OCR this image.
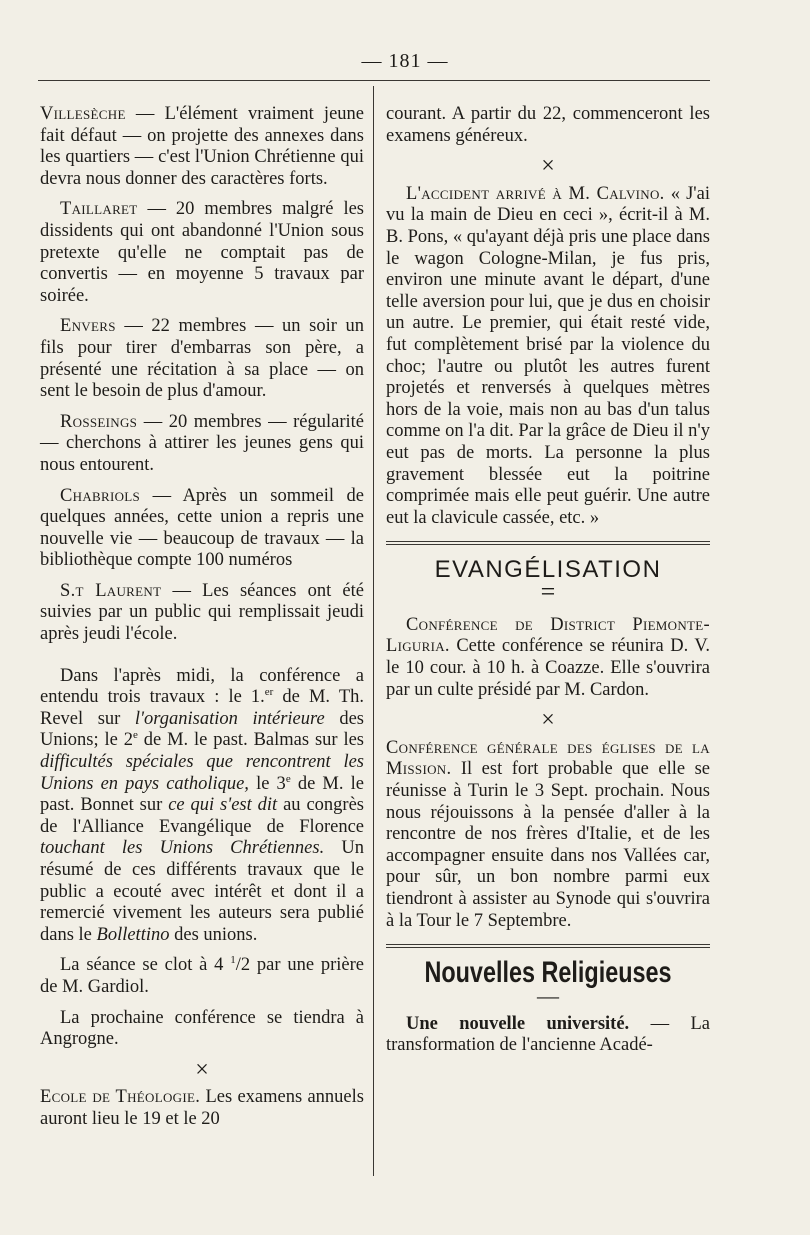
— 181 —

Villesèche — L'élément vraiment jeune fait défaut — on projette des annexes dans les quartiers — c'est l'Union Chrétienne qui devra nous donner des caractères forts.

Taillaret — 20 membres malgré les dissidents qui ont abandonné l'Union sous pretexte qu'elle ne comptait pas de convertis — en moyenne 5 travaux par soirée.

Envers — 22 membres — un soir un fils pour tirer d'embarras son père, a présenté une récitation à sa place — on sent le besoin de plus d'amour.

Rosseings — 20 membres — régularité — cherchons à attirer les jeunes gens qui nous entourent.

Chabriols — Après un sommeil de quelques années, cette union a repris une nouvelle vie — beaucoup de travaux — la bibliothèque compte 100 numéros

S.t Laurent — Les séances ont été suivies par un public qui remplissait jeudi après jeudi l'école.

Dans l'après midi, la conférence a entendu trois travaux : le 1.$^{er}$ de M. Th. Revel sur l'organisation intérieure des Unions; le 2e de M. le past. Balmas sur les difficultés spéciales que rencontrent les Unions en pays catholique, le 3e de M. le past. Bonnet sur ce qui s'est dit au congrès de l'Alliance Evangélique de Florence touchant les Unions Chrétiennes. Un résumé de ces différents travaux que le public a ecouté avec intérêt et dont il a remercié vivement les auteurs sera publié dans le Bollettino des unions.

La séance se clot à 4 $^1$/2 par une prière de M. Gardiol.

La prochaine conférence se tiendra à Angrogne.

×

Ecole de Théologie. Les examens annuels auront lieu le 19 et le 20

courant. A partir du 22, commenceront les examens généreux.

×

L'accident arrivé à M. Calvino. « J'ai vu la main de Dieu en ceci », écrit-il à M. B. Pons, « qu'ayant déjà pris une place dans le wagon Cologne-Milan, je fus pris, environ une minute avant le départ, d'une telle aversion pour lui, que je dus en choisir un autre. Le premier, qui était resté vide, fut complètement brisé par la violence du choc; l'autre ou plutôt les autres furent projetés et renversés à quelques mètres hors de la voie, mais non au bas d'un talus comme on l'a dit. Par la grâce de Dieu il n'y eut pas de morts. La personne la plus gravement blessée eut la poitrine comprimée mais elle peut guérir. Une autre eut la clavicule cassée, etc. »

EVANGÉLISATION

=

Conférence de District Piemonte-Liguria. Cette conférence se réunira D. V. le 10 cour. à 10 h. à Coazze. Elle s'ouvrira par un culte présidé par M. Cardon.

×

Conférence générale des églises de la Mission. Il est fort probable que elle se réunisse à Turin le 3 Sept. prochain. Nous nous réjouissons à la pensée d'aller à la rencontre de nos frères d'Italie, et de les accompagner ensuite dans nos Vallées car, pour sûr, un bon nombre parmi eux tiendront à assister au Synode qui s'ouvrira à la Tour le 7 Septembre.

Nouvelles Religieuses

—

Une nouvelle université. — La transformation de l'ancienne Acadé-
